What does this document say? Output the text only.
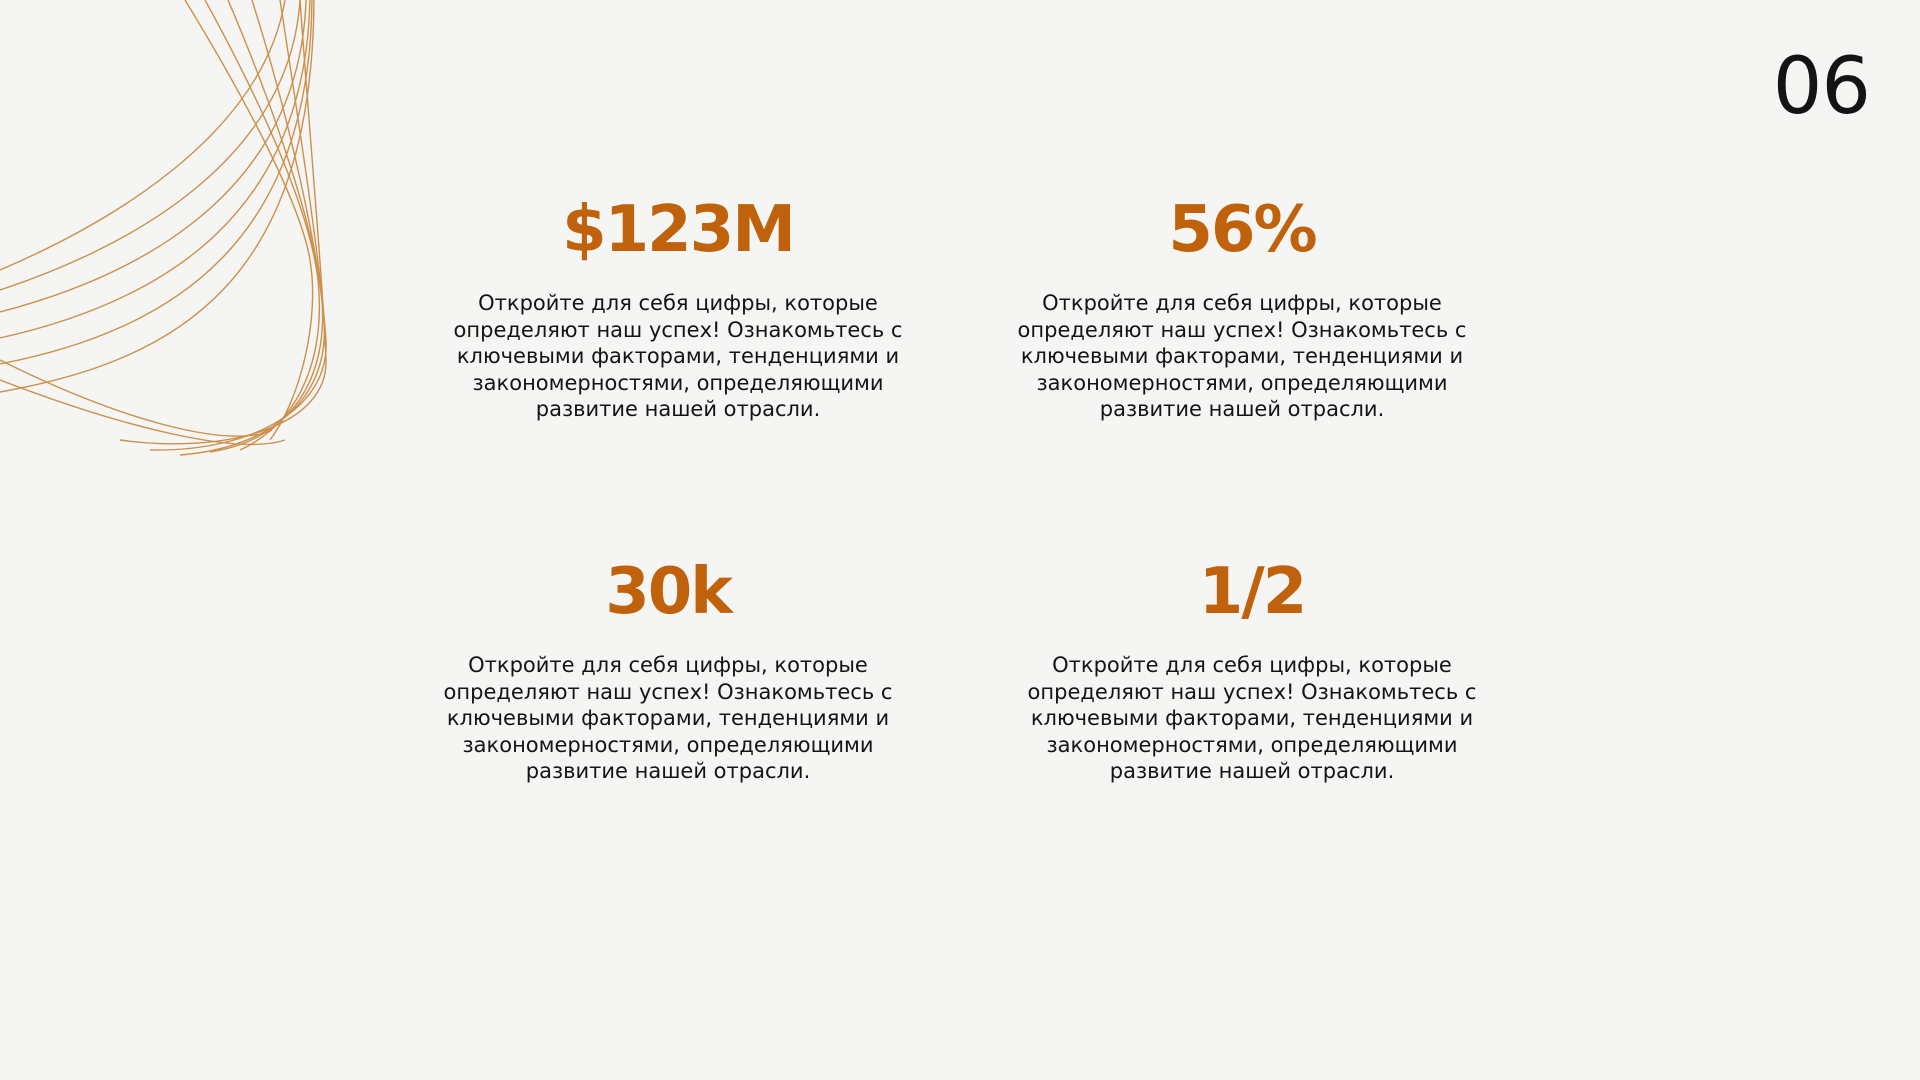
06
$123M
Откройте для себя цифры, которые определяют наш успех! Ознакомьтесь с ключевыми факторами, тенденциями и закономерностями, определяющими развитие нашей отрасли.
56%
Откройте для себя цифры, которые определяют наш успех! Ознакомьтесь с ключевыми факторами, тенденциями и закономерностями, определяющими развитие нашей отрасли.
30k
Откройте для себя цифры, которые определяют наш успех! Ознакомьтесь с ключевыми факторами, тенденциями и закономерностями, определяющими развитие нашей отрасли.
1/2
Откройте для себя цифры, которые определяют наш успех! Ознакомьтесь с ключевыми факторами, тенденциями и закономерностями, определяющими развитие нашей отрасли.
